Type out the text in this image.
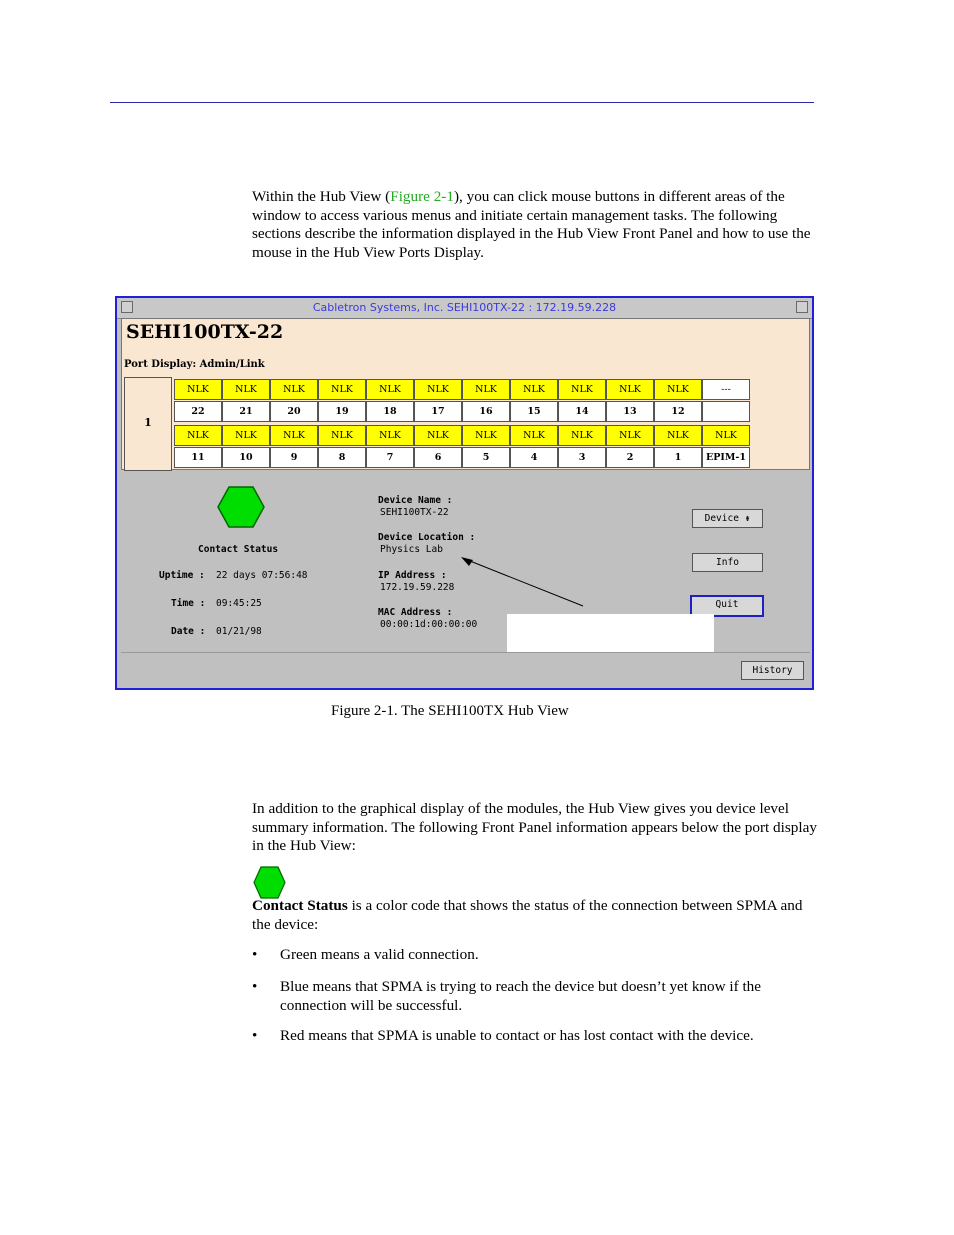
Within the Hub View (Figure 2-1), you can click mouse buttons in different areas of the window to access various menus and initiate certain management tasks. The following sections describe the information displayed in the Hub View Front Panel and how to use the mouse in the Hub View Ports Display.
Cabletron Systems, Inc. SEHI100TX-22 : 172.19.59.228
SEHI100TX-22
Port Display: Admin/Link
1
NLK	NLK	NLK	NLK	NLK	NLK	NLK	NLK	NLK	NLK	NLK	---
22	21	20	19	18	17	16	15	14	13	12
NLK	NLK	NLK	NLK	NLK	NLK	NLK	NLK	NLK	NLK	NLK	NLK
11	10	9	8	7	6	5	4	3	2	1	EPIM-1
Contact Status
Uptime : 22 days 07:56:48
Time : 09:45:25
Date : 01/21/98
Device Name :
SEHI100TX-22
Device Location :
Physics Lab
IP Address :
172.19.59.228
MAC Address :
00:00:1d:00:00:00
Device ⇟
Info
Quit
History
Figure 2-1. The SEHI100TX Hub View
In addition to the graphical display of the modules, the Hub View gives you device level summary information. The following Front Panel information appears below the port display in the Hub View:
Contact Status is a color code that shows the status of the connection between SPMA and the device:
• Green means a valid connection.
• Blue means that SPMA is trying to reach the device but doesn’t yet know if the connection will be successful.
• Red means that SPMA is unable to contact or has lost contact with the device.
